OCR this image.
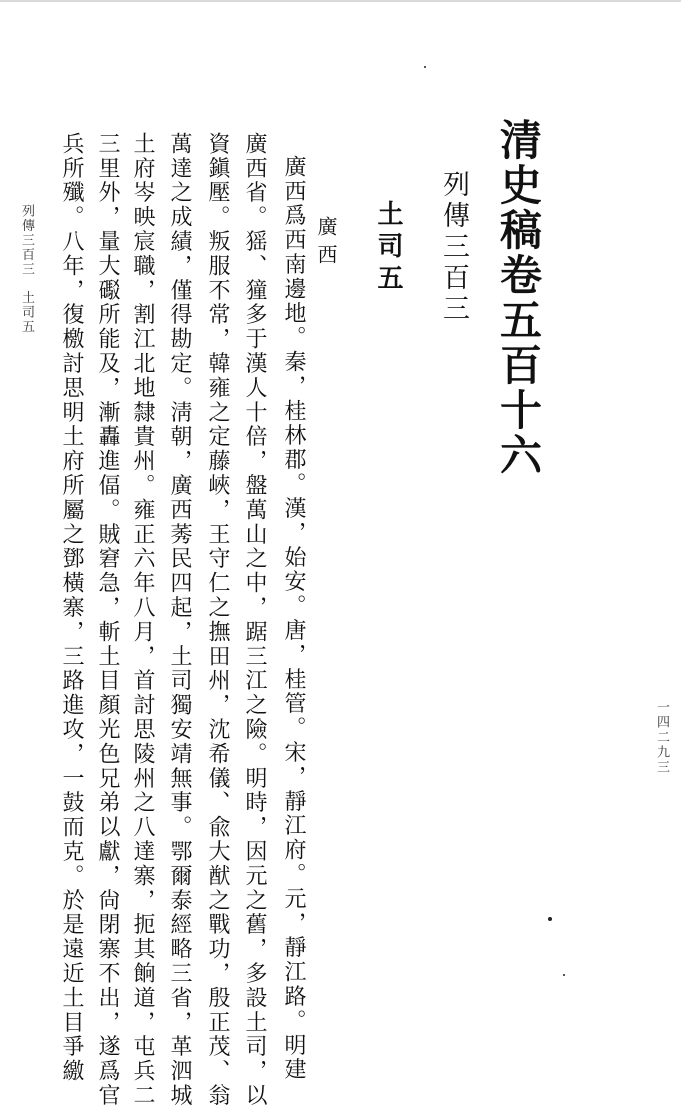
清史稿卷五百十六
列傳三百三
土司五
廣西
廣西爲西南邊地。秦，桂林郡。漢，始安。唐，桂管。宋，靜江府。元，靜江路。明建
廣西省。猺、獞多于漢人十倍，盤萬山之中，踞三江之險。明時，因元之舊，多設土司，以
資鎭壓。叛服不常，韓雍之定藤峽，王守仁之撫田州，沈希儀、兪大猷之戰功，殷正茂、翁
萬達之成績，僅得勘定。淸朝，廣西莠民四起，土司獨安靖無事。鄂爾泰經略三省，革泗城
土府岑映宸職，割江北地隸貴州。雍正六年八月，首討思陵州之八達寨，扼其餉道，屯兵二
三里外，量大礟所能及，漸轟進偪。賊窘急，斬土目顏光色兄弟以獻，尙閉寨不出，遂爲官
兵所殲。八年，復檄討思明土府所屬之鄧橫寨，三路進攻，一鼓而克。於是遠近土目爭繳
列傳三百三土司五
一四二九三
